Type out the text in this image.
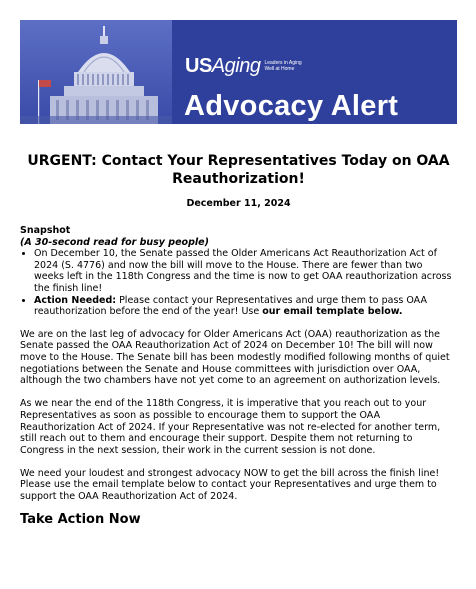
US Aging Leaders in Aging Well at Home
Advocacy Alert
URGENT: Contact Your Representatives Today on OAA Reauthorization!
December 11, 2024
Snapshot
(A 30-second read for busy people)
• On December 10, the Senate passed the Older Americans Act Reauthorization Act of 2024 (S. 4776) and now the bill will move to the House. There are fewer than two weeks left in the 118th Congress and the time is now to get OAA reauthorization across the finish line!
• Action Needed: Please contact your Representatives and urge them to pass OAA reauthorization before the end of the year! Use our email template below.

We are on the last leg of advocacy for Older Americans Act (OAA) reauthorization as the Senate passed the OAA Reauthorization Act of 2024 on December 10! The bill will now move to the House. The Senate bill has been modestly modified following months of quiet negotiations between the Senate and House committees with jurisdiction over OAA, although the two chambers have not yet come to an agreement on authorization levels.

As we near the end of the 118th Congress, it is imperative that you reach out to your Representatives as soon as possible to encourage them to support the OAA Reauthorization Act of 2024. If your Representative was not re-elected for another term, still reach out to them and encourage their support. Despite them not returning to Congress in the next session, their work in the current session is not done.

We need your loudest and strongest advocacy NOW to get the bill across the finish line! Please use the email template below to contact your Representatives and urge them to support the OAA Reauthorization Act of 2024.

Take Action Now
